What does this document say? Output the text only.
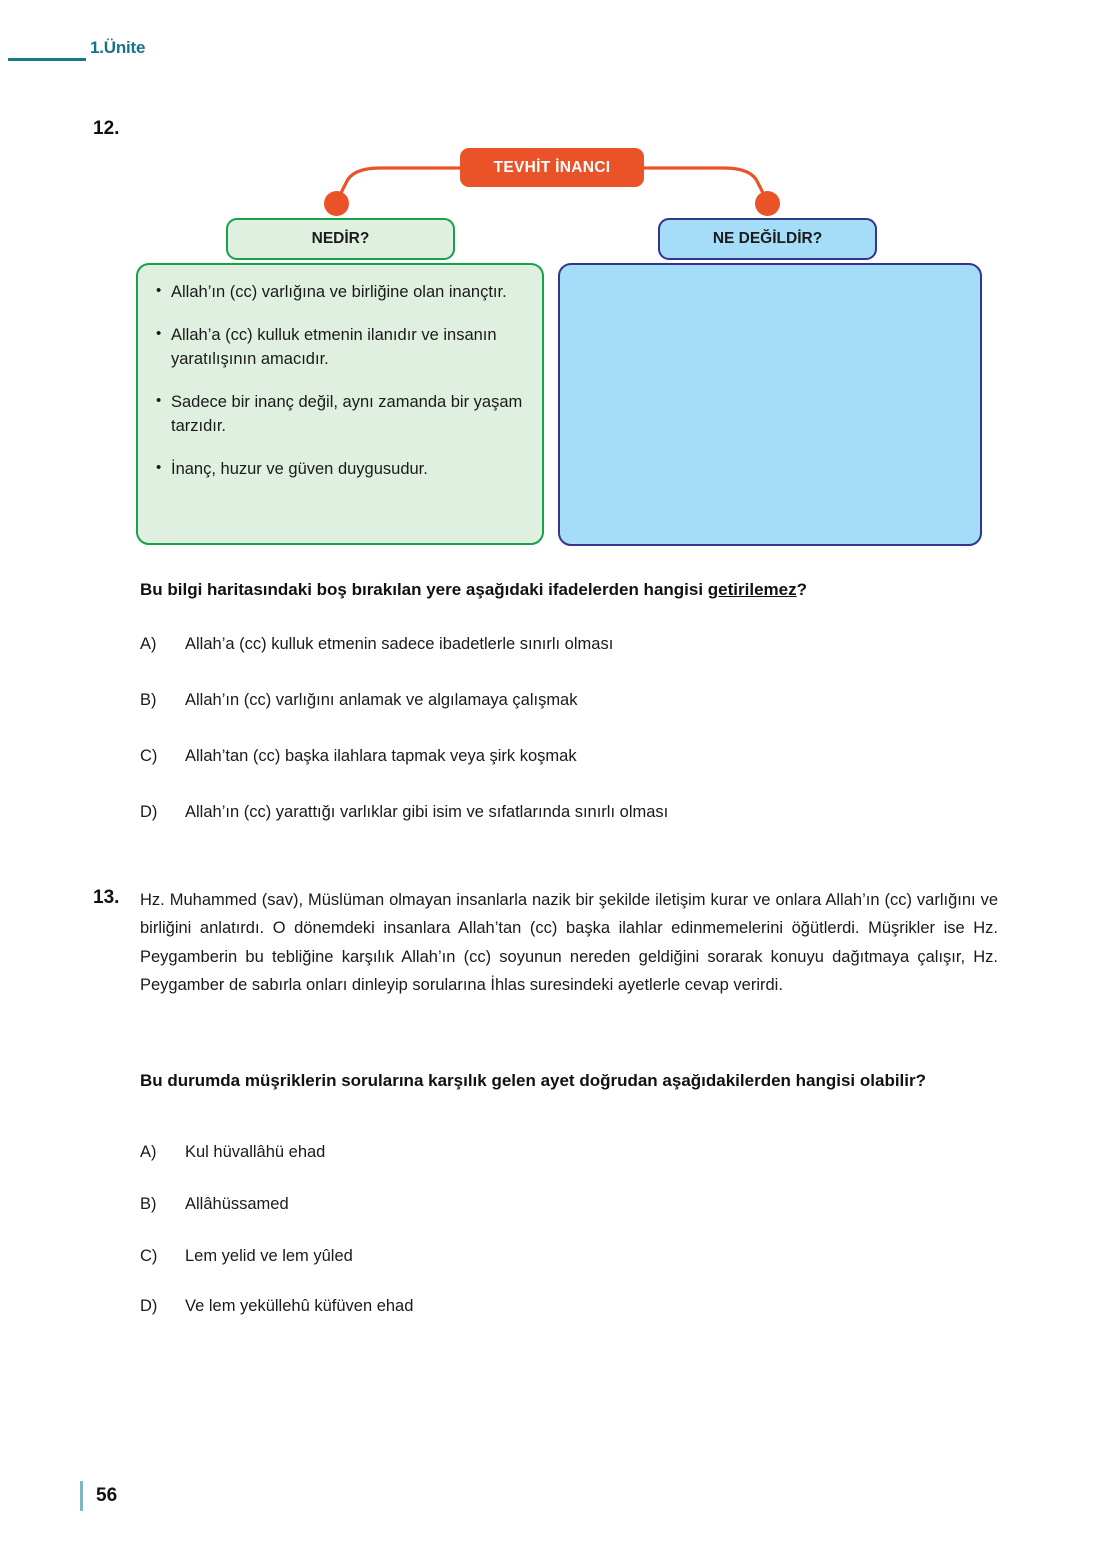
1.Ünite
12.
TEVHİT İNANCI
NEDİR?	NE DEĞİLDİR?
• Allah’ın (cc) varlığına ve birliğine olan inançtır.
• Allah’a (cc) kulluk etmenin ilanıdır ve insanın yaratılışının amacıdır.
• Sadece bir inanç değil, aynı zamanda bir yaşam tarzıdır.
• İnanç, huzur ve güven duygusudur.
Bu bilgi haritasındaki boş bırakılan yere aşağıdaki ifadelerden hangisi getirilemez?
A)	Allah’a (cc) kulluk etmenin sadece ibadetlerle sınırlı olması
B)	Allah’ın (cc) varlığını anlamak ve algılamaya çalışmak
C)	Allah’tan (cc) başka ilahlara tapmak veya şirk koşmak
D)	Allah’ın (cc) yarattığı varlıklar gibi isim ve sıfatlarında sınırlı olması
13. Hz. Muhammed (sav), Müslüman olmayan insanlarla nazik bir şekilde iletişim kurar ve onlara Allah’ın (cc) varlığını ve birliğini anlatırdı. O dönemdeki insanlara Allah’tan (cc) başka ilahlar edinmemelerini öğütlerdi. Müşrikler ise Hz. Peygamberin bu tebliğine karşılık Allah’ın (cc) soyunun nereden geldiğini sorarak konuyu dağıtmaya çalışır, Hz. Peygamber de sabırla onları dinleyip sorularına İhlas suresindeki ayetlerle cevap verirdi.
Bu durumda müşriklerin sorularına karşılık gelen ayet doğrudan aşağıdakilerden hangisi olabilir?
A)	Kul hüvallâhü ehad
B)	Allâhüssamed
C)	Lem yelid ve lem yûled
D)	Ve lem yeküllehû küfüven ehad
56
